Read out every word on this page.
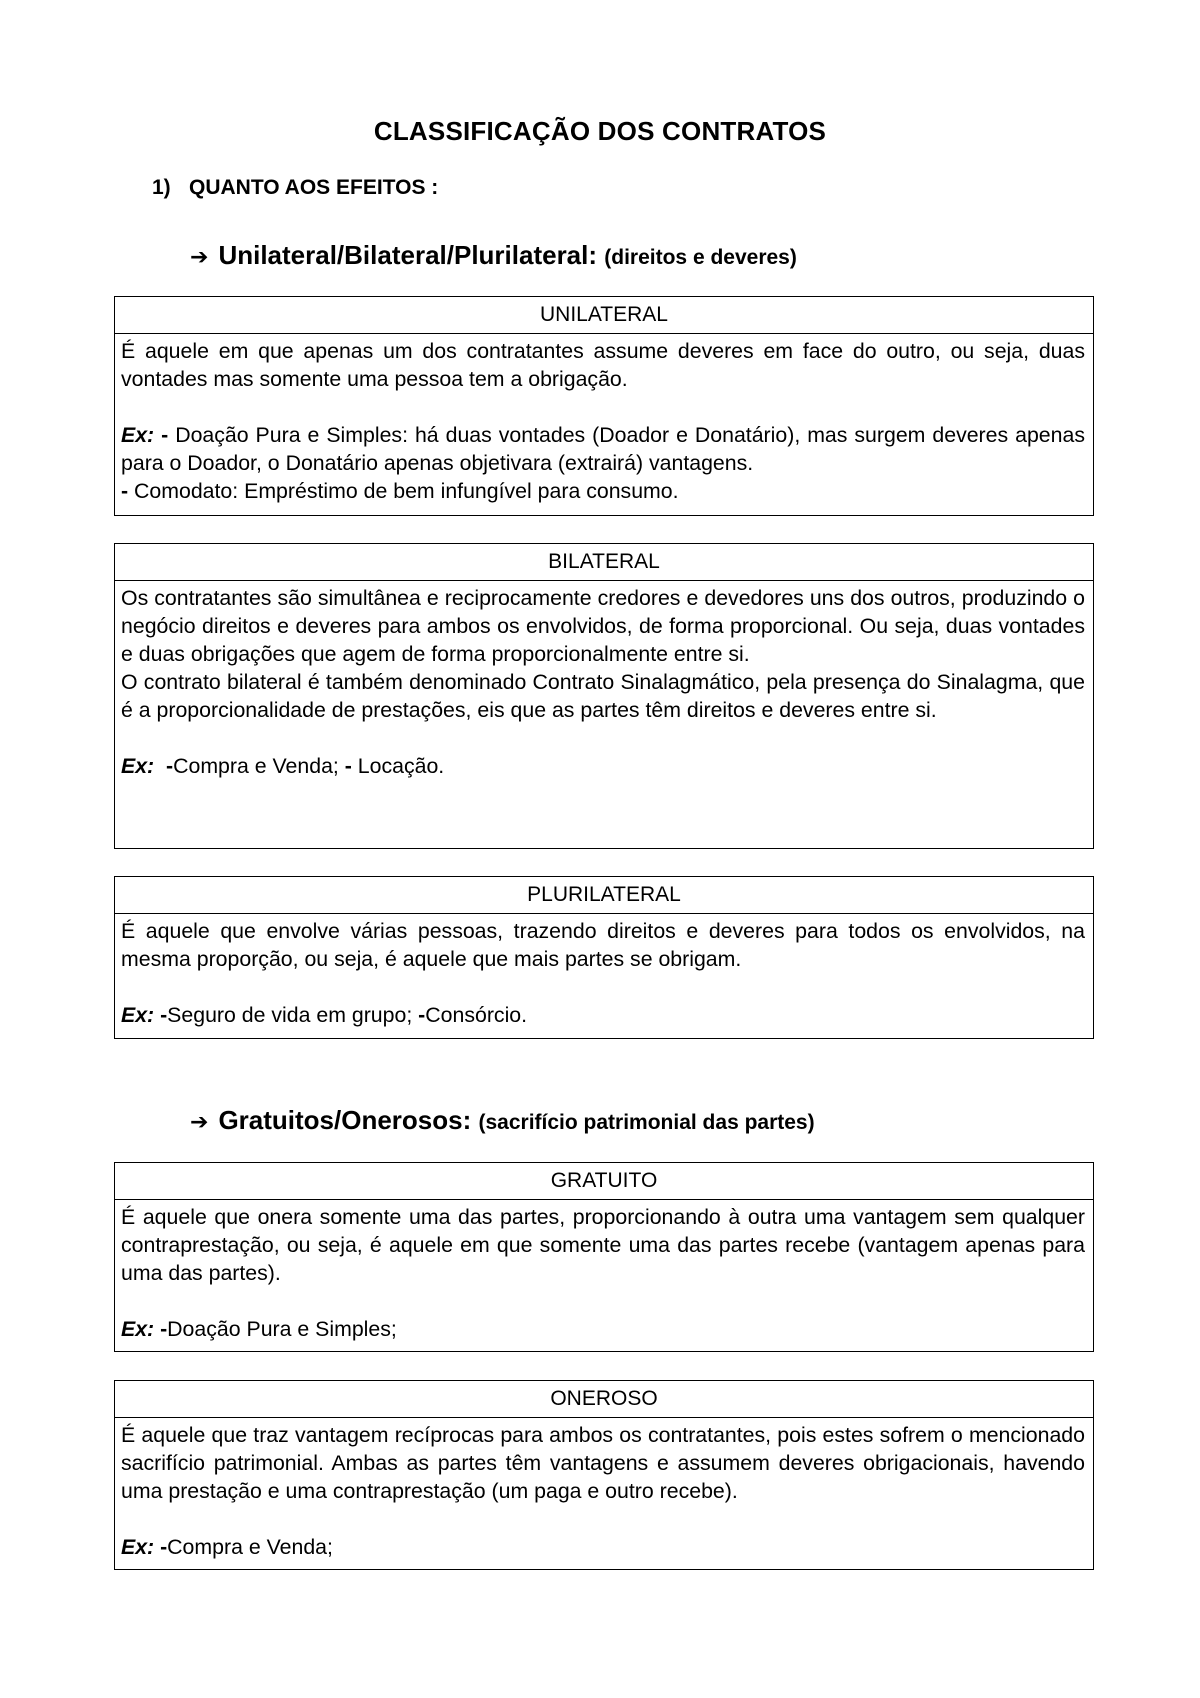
CLASSIFICAÇÃO DOS CONTRATOS
1) QUANTO AOS EFEITOS :
➔ Unilateral/Bilateral/Plurilateral: (direitos e deveres)
UNILATERAL

É aquele em que apenas um dos contratantes assume deveres em face do outro, ou seja, duas vontades mas somente uma pessoa tem a obrigação.

Ex: - Doação Pura e Simples: há duas vontades (Doador e Donatário), mas surgem deveres apenas para o Doador, o Donatário apenas objetivara (extrairá) vantagens.

- Comodato: Empréstimo de bem infungível para consumo.

BILATERAL

Os contratantes são simultânea e reciprocamente credores e devedores uns dos outros, produzindo o negócio direitos e deveres para ambos os envolvidos, de forma proporcional. Ou seja, duas vontades e duas obrigações que agem de forma proporcionalmente entre si.

O contrato bilateral é também denominado Contrato Sinalagmático, pela presença do Sinalagma, que é a proporcionalidade de prestações, eis que as partes têm direitos e deveres entre si.

Ex:  -Compra e Venda; - Locação.

PLURILATERAL

É aquele que envolve várias pessoas, trazendo direitos e deveres para todos os envolvidos, na mesma proporção, ou seja, é aquele que mais partes se obrigam.

Ex: -Seguro de vida em grupo; -Consórcio.

➔ Gratuitos/Onerosos: (sacrifício patrimonial das partes)
GRATUITO

É aquele que onera somente uma das partes, proporcionando à outra uma vantagem sem qualquer contraprestação, ou seja, é aquele em que somente uma das partes recebe (vantagem apenas para uma das partes).

Ex: -Doação Pura e Simples;

ONEROSO

É aquele que traz vantagem recíprocas para ambos os contratantes, pois estes sofrem o mencionado sacrifício patrimonial. Ambas as partes têm vantagens e assumem deveres obrigacionais, havendo uma prestação e uma contraprestação (um paga e outro recebe).

Ex: -Compra e Venda;
